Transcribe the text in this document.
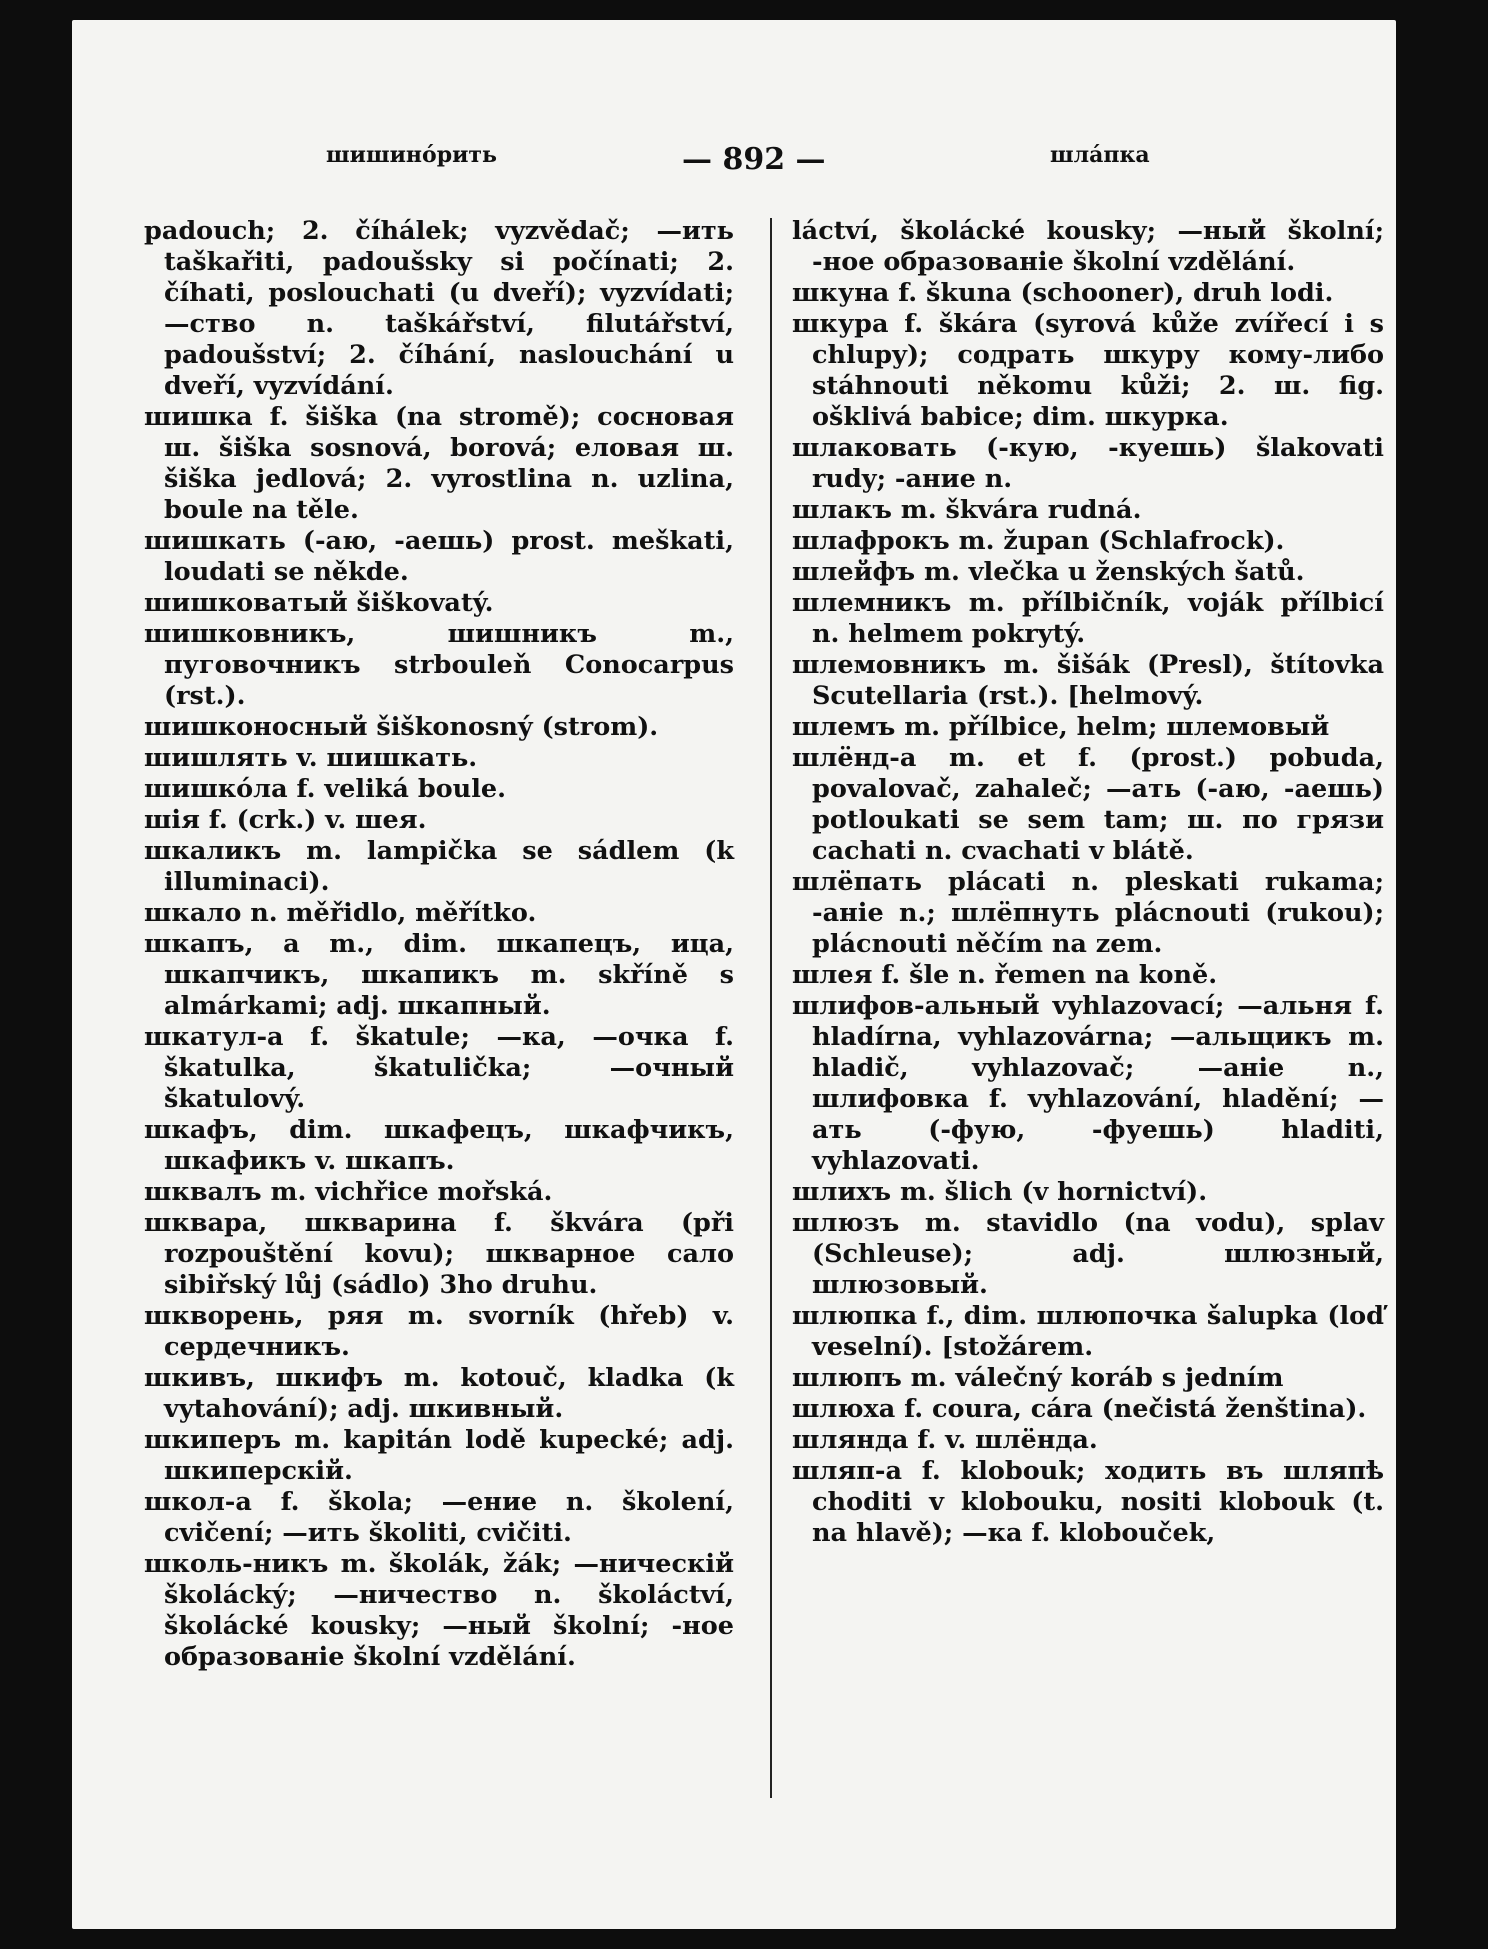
шишинóрить	— 892 —	шлáпка

padouch; 2. číhálek; vyzvědač; —ить taškařiti, padoušsky si počínati; 2. číhati, poslouchati (u dveří); vyzvídati; —ство n. taškářství, filutářství, padoušství; 2. číhání, naslouchání u dveří, vyzvídání.

шишка f. šiška (na stromě); сосновая ш. šiška sosnová, borová; еловая ш. šiška jedlová; 2. vyrostlina n. uzlina, boule na těle.

шишкать (-аю, -аешь) prost. meškati, loudati se někde.

шишковатый šiškovatý.

шишковникъ, шишникъ m., пуговочникъ strbouleň Conocarpus (rst.).

шишконосный šiškonosný (strom).

шишлять v. шишкать.

шишкóла f. veliká boule.

шія f. (crk.) v. шея.

шкаликъ m. lampička se sádlem (k illuminaci).

шкало n. měřidlo, měřítko.

шкапъ, а m., dim. шкапецъ, ица, шкапчикъ, шкапикъ m. skříně s almárkami; adj. шкапный.

шкатул-а f. škatule; —ка, —очка f. škatulka, škatulička; —очный škatulový.

шкафъ, dim. шкафецъ, шкафчикъ, шкафикъ v. шкапъ.

шквалъ m. vichřice mořská.

шквара, шкварина f. škvára (při rozpouštění kovu); шкварное сало sibiřský lůj (sádlo) 3ho druhu.

шкворень, ряя m. svorník (hřeb) v. сердечникъ.

шкивъ, шкифъ m. kotouč, kladka (k vytahování); adj. шкивный.

шкиперъ m. kapitán lodě kupecké; adj. шкиперскій.

школ-а f. škola; —ение n. školení, cvičení; —ить školiti, cvičiti.

школь-никъ m. školák, žák; —ническій školácký; —ничество n. školáctví, školácké kousky; —ный školní; -ное образованіе školní vzdělání.

láctví, školácké kousky; —ный školní; -ное образованіе školní vzdělání.

шкуна f. škuna (schooner), druh lodi.

шкура f. škára (syrová kůže zvířecí i s chlupy); содрать шкуру кому-либо stáhnouti někomu kůži; 2. ш. fig. ošklivá babice; dim. шкурка.

шлаковать (-кую, -куешь) šlakovati rudy; -ание n.

шлакъ m. škvára rudná.

шлафрокъ m. župan (Schlafrock).

шлейфъ m. vlečka u ženských šatů.

шлемникъ m. přílbičník, voják přílbicí n. helmem pokrytý.

шлемовникъ m. šišák (Presl), štítovka Scutellaria (rst.). [helmový.

шлемъ m. přílbice, helm; шлемовый

шлёнд-а m. et f. (prost.) pobuda, povalovač, zahaleč; —ать (-аю, -аешь) potloukati se sem tam; ш. по грязи cachati n. cvachati v blátě.

шлёпать plácati n. pleskati rukama; -аніе n.; шлёпнуть plácnouti (rukou); plácnouti něčím na zem.

шлея f. šle n. řemen na koně.

шлифов-альный vyhlazovací; —альня f. hladírna, vyhlazovárna; —альщикъ m. hladič, vyhlazovač; —аніе n., шлифовка f. vyhlazování, hladění; —ать (-фую, -фуешь) hladiti, vyhlazovati.

шлихъ m. šlich (v hornictví).

шлюзъ m. stavidlo (na vodu), splav (Schleuse); adj. шлюзный, шлюзовый.

шлюпка f., dim. шлюпочка šalupka (loď veselní). [stožárem.

шлюпъ m. válečný koráb s jedním

шлюха f. coura, cára (nečistá ženština).

шлянда f. v. шлёнда.

шляп-а f. klobouk; ходить въ шляпѣ choditi v klobouku, nositi klobouk (t. na hlavě); —ка f. klobouček,
